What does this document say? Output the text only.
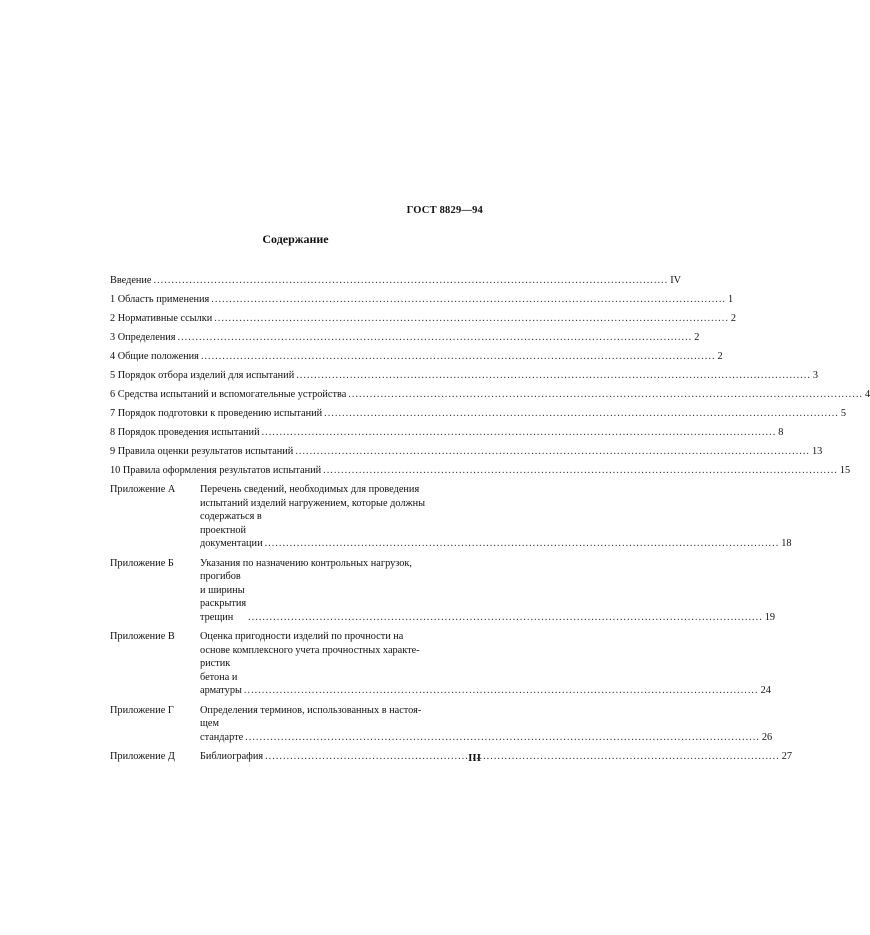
ГОСТ 8829—94
Содержание
Введение .....	IV
1 Область применения .....	1
2 Нормативные ссылки .....	2
3 Определения .....	2
4 Общие положения .....	2
5 Порядок отбора изделий для испытаний .....	3
6 Средства испытаний и вспомогательные устройства .....	4
7 Порядок подготовки к проведению испытаний .....	5
8 Порядок проведения испытаний .....	8
9 Правила оценки результатов испытаний .....	13
10 Правила оформления результатов испытаний .....	15
Приложение А	Перечень сведений, необходимых для проведения
испытаний изделий нагружением, которые должны
содержаться в проектной документации .....	18
Приложение Б	Указания по назначению контрольных нагрузок,
прогибов и ширины раскрытия трещин .....	19
Приложение В	Оценка пригодности изделий по прочности на
основе комплексного учета прочностных характе-
ристик бетона и арматуры .....	24
Приложение Г	Определения терминов, использованных в настоя-
щем стандарте .....	26
Приложение Д	Библиография .....	27
III
